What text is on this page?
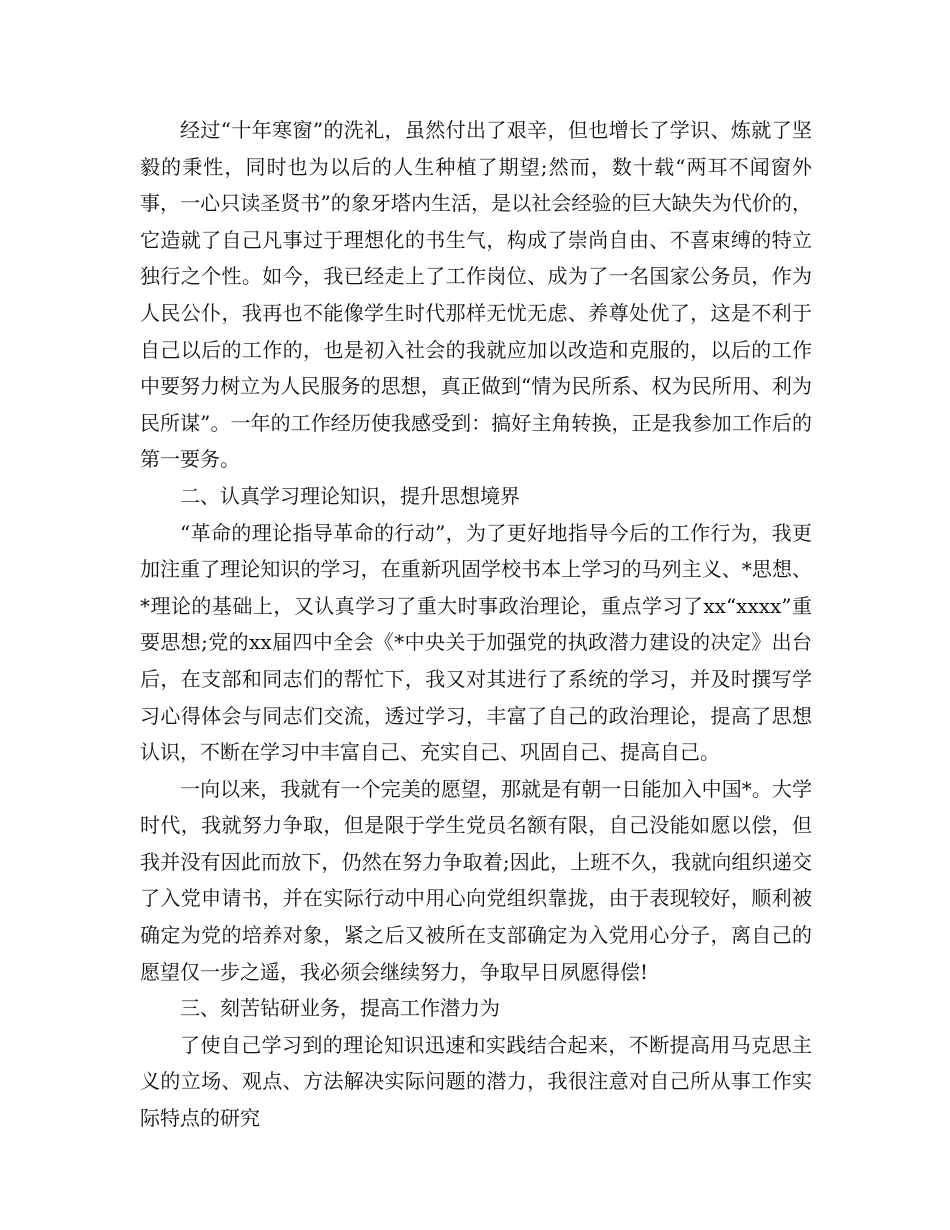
经过“十年寒窗”的洗礼，虽然付出了艰辛，但也增长了学识、炼就了坚毅的秉性，同时也为以后的人生种植了期望;然而，数十载“两耳不闻窗外事，一心只读圣贤书”的象牙塔内生活，是以社会经验的巨大缺失为代价的，它造就了自己凡事过于理想化的书生气，构成了崇尚自由、不喜束缚的特立独行之个性。如今，我已经走上了工作岗位、成为了一名国家公务员，作为人民公仆，我再也不能像学生时代那样无忧无虑、养尊处优了，这是不利于自己以后的工作的，也是初入社会的我就应加以改造和克服的，以后的工作中要努力树立为人民服务的思想，真正做到“情为民所系、权为民所用、利为民所谋”。一年的工作经历使我感受到：搞好主角转换，正是我参加工作后的第一要务。

二、认真学习理论知识，提升思想境界

“革命的理论指导革命的行动”，为了更好地指导今后的工作行为，我更加注重了理论知识的学习，在重新巩固学校书本上学习的马列主义、*思想、*理论的基础上，又认真学习了重大时事政治理论，重点学习了xx“xxxx”重要思想;党的xx届四中全会《*中央关于加强党的执政潜力建设的决定》出台后，在支部和同志们的帮忙下，我又对其进行了系统的学习，并及时撰写学习心得体会与同志们交流，透过学习，丰富了自己的政治理论，提高了思想认识，不断在学习中丰富自己、充实自己、巩固自己、提高自己。

一向以来，我就有一个完美的愿望，那就是有朝一日能加入中国*。大学时代，我就努力争取，但是限于学生党员名额有限，自己没能如愿以偿，但我并没有因此而放下，仍然在努力争取着;因此，上班不久，我就向组织递交了入党申请书，并在实际行动中用心向党组织靠拢，由于表现较好，顺利被确定为党的培养对象，紧之后又被所在支部确定为入党用心分子，离自己的愿望仅一步之遥，我必须会继续努力，争取早日夙愿得偿!

三、刻苦钻研业务，提高工作潜力为

了使自己学习到的理论知识迅速和实践结合起来，不断提高用马克思主义的立场、观点、方法解决实际问题的潜力，我很注意对自己所从事工作实际特点的研究
